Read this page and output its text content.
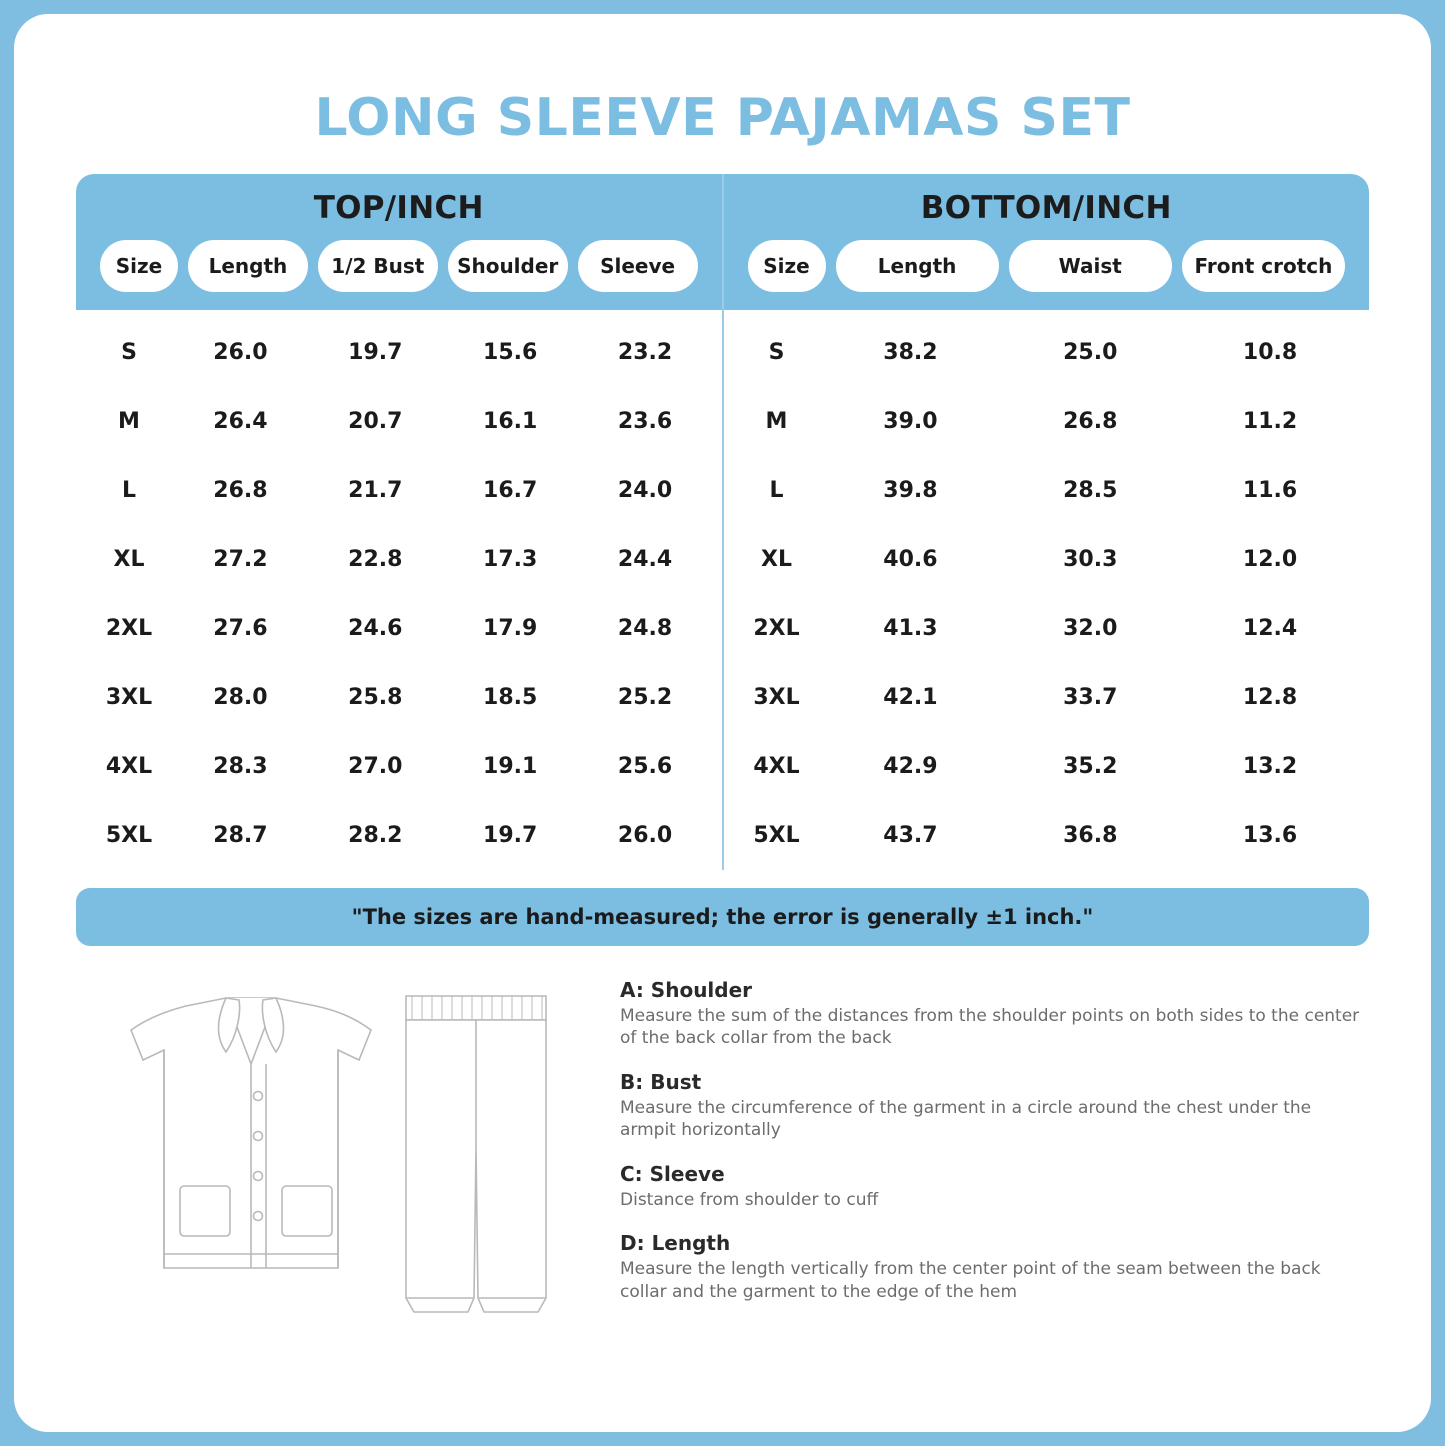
LONG SLEEVE PAJAMAS SET
TOP/INCH
Size	Length	1/2 Bust	Shoulder	Sleeve
S	26.0	19.7	15.6	23.2
M	26.4	20.7	16.1	23.6
L	26.8	21.7	16.7	24.0
XL	27.2	22.8	17.3	24.4
2XL	27.6	24.6	17.9	24.8
3XL	28.0	25.8	18.5	25.2
4XL	28.3	27.0	19.1	25.6
5XL	28.7	28.2	19.7	26.0
BOTTOM/INCH
Size	Length	Waist	Front crotch
S	38.2	25.0	10.8
M	39.0	26.8	11.2
L	39.8	28.5	11.6
XL	40.6	30.3	12.0
2XL	41.3	32.0	12.4
3XL	42.1	33.7	12.8
4XL	42.9	35.2	13.2
5XL	43.7	36.8	13.6
"The sizes are hand-measured; the error is generally ±1 inch."
A: Shoulder
Measure the sum of the distances from the shoulder points on both sides to the center of the back collar from the back
B: Bust
Measure the circumference of the garment in a circle around the chest under the armpit horizontally
C: Sleeve
Distance from shoulder to cuff
D: Length
Measure the length vertically from the center point of the seam between the back collar and the garment to the edge of the hem
